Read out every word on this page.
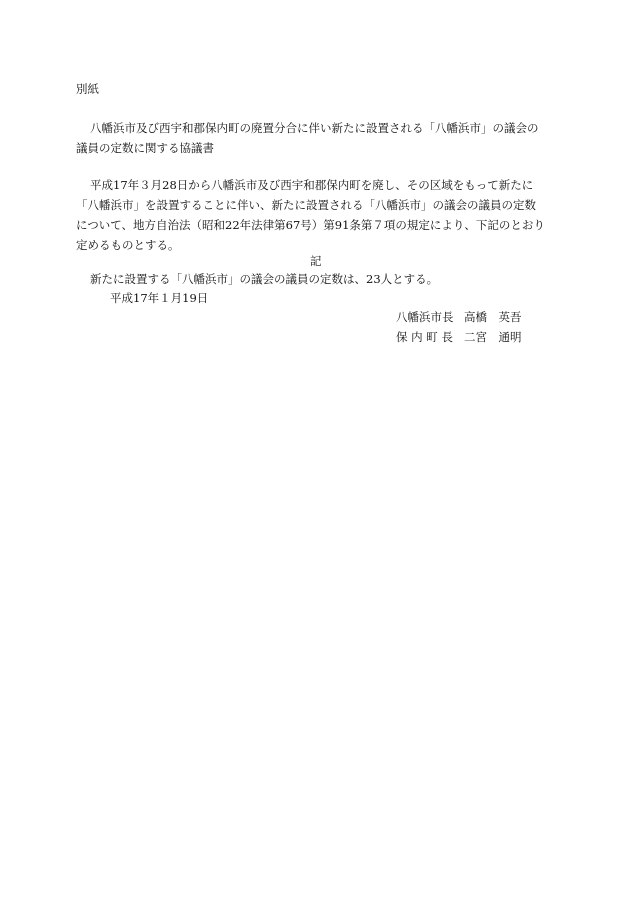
別紙
八幡浜市及び西宇和郡保内町の廃置分合に伴い新たに設置される「八幡浜市」の議会の
議員の定数に関する協議書
平成17年３月28日から八幡浜市及び西宇和郡保内町を廃し、その区域をもって新たに
「八幡浜市」を設置することに伴い、新たに設置される「八幡浜市」の議会の議員の定数
について、地方自治法（昭和22年法律第67号）第91条第７項の規定により、下記のとおり
定めるものとする。
記
新たに設置する「八幡浜市」の議会の議員の定数は、23人とする。
平成17年１月19日
八幡浜市長 高橋　英吾
保 内 町 長 二宮　通明
